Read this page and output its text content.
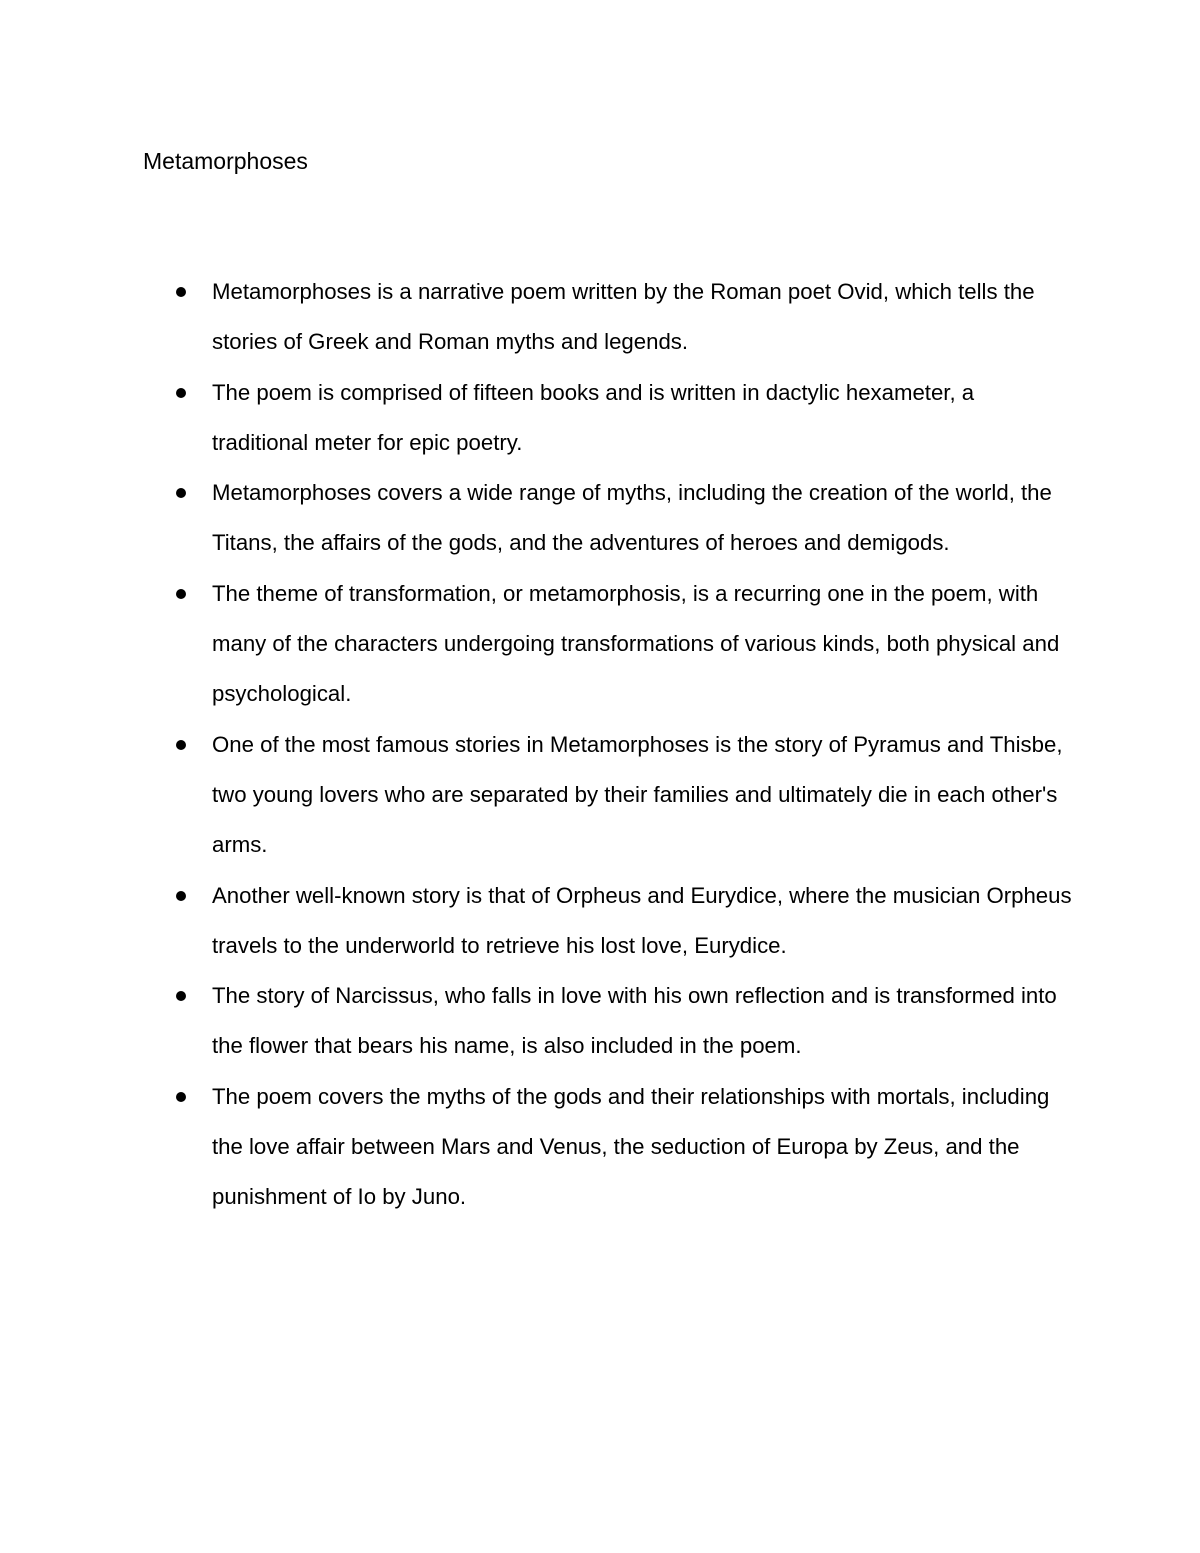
Metamorphoses
Metamorphoses is a narrative poem written by the Roman poet Ovid, which tells the stories of Greek and Roman myths and legends.
The poem is comprised of fifteen books and is written in dactylic hexameter, a traditional meter for epic poetry.
Metamorphoses covers a wide range of myths, including the creation of the world, the Titans, the affairs of the gods, and the adventures of heroes and demigods.
The theme of transformation, or metamorphosis, is a recurring one in the poem, with many of the characters undergoing transformations of various kinds, both physical and psychological.
One of the most famous stories in Metamorphoses is the story of Pyramus and Thisbe, two young lovers who are separated by their families and ultimately die in each other's arms.
Another well-known story is that of Orpheus and Eurydice, where the musician Orpheus travels to the underworld to retrieve his lost love, Eurydice.
The story of Narcissus, who falls in love with his own reflection and is transformed into the flower that bears his name, is also included in the poem.
The poem covers the myths of the gods and their relationships with mortals, including the love affair between Mars and Venus, the seduction of Europa by Zeus, and the punishment of Io by Juno.
